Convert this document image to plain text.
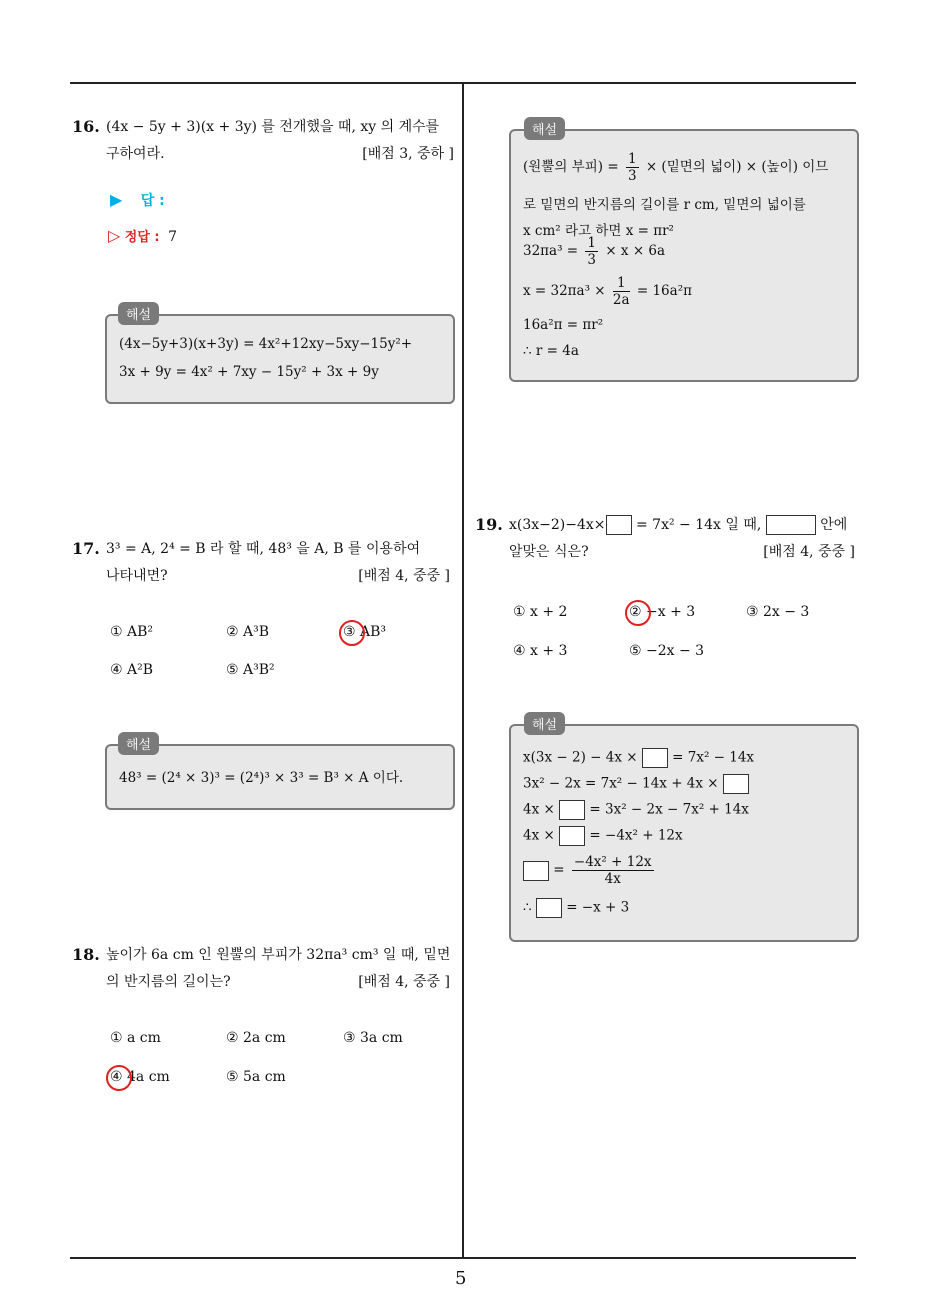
5
16. (4x − 5y + 3)(x + 3y) 를 전개했을 때, xy 의 계수를
구하여라.	[배점 3, 중하 ]
▶ 답 :
▷ 정답 : 7
(4x−5y+3)(x+3y) = 4x²+12xy−5xy−15y²+
3x + 9y = 4x² + 7xy − 15y² + 3x + 9y
해설
17. 3³ = A, 2⁴ = B 라 할 때, 48³ 을 A, B 를 이용하여
나타내면?	[배점 4, 중중 ]
① AB²	② A³B	③ AB³
④ A²B	⑤ A³B²
48³ = (2⁴ × 3)³ = (2⁴)³ × 3³ = B³ × A 이다.
해설
18. 높이가 6a cm 인 원뿔의 부피가 32πa³ cm³ 일 때, 밑면
의 반지름의 길이는?	[배점 4, 중중 ]
① a cm	② 2a cm	③ 3a cm
④ 4a cm	⑤ 5a cm
(원뿔의 부피) = $\frac{1}{3}$ × (밑면의 넓이) × (높이) 이므
로 밑면의 반지름의 길이를 r cm, 밑면의 넓이를
x cm² 라고 하면 x = πr²
$32\pi a^3 = \frac{1}{3} \times x \times 6a$
$x = 32\pi a^3 \times \frac{1}{2a} = 16a^2\pi$
16a²π = πr²
∴ r = 4a
해설
19. x(3x−2)−4x× = 7x² − 14x 일 때,	안에
알맞은 식은?	[배점 4, 중중 ]
① x + 2	② −x + 3	③ 2x − 3
④ x + 3	⑤ −2x − 3
x(3x − 2) − 4x ×	= 7x² − 14x
3x² − 2x = 7x² − 14x + 4x ×
4x ×	= 3x² − 2x − 7x² + 14x
4x ×	= −4x² + 12x
= $\frac{\text{−4x² + 12x}}{4x}$
∴	= −x + 3
해설
